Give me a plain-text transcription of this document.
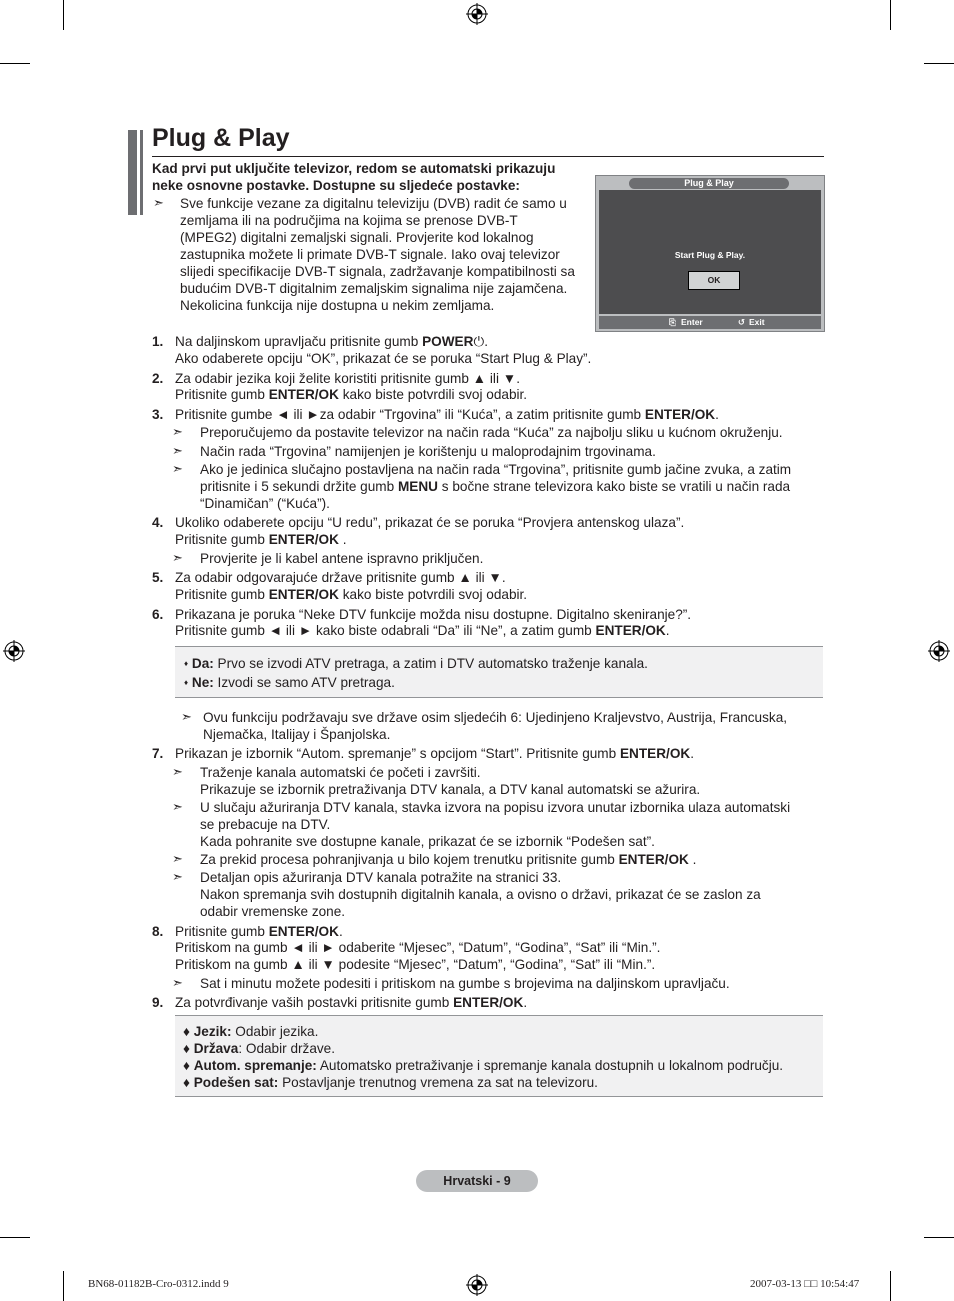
Plug & Play
Kad prvi put uključite televizor, redom se automatski prikazuju neke osnovne postavke. Dostupne su sljedeće postavke:
➣ Sve funkcije vezane za digitalnu televiziju (DVB) radit će samo u zemljama ili na područjima na kojima se prenose DVB-T (MPEG2) digitalni zemaljski signali. Provjerite kod lokalnog zastupnika možete li primate DVB-T signale. Iako ovaj televizor slijedi specifikacije DVB-T signala, zadržavanje kompatibilnosti sa budućim DVB-T digitalnim zemaljskim signalima nije zajamčena. Nekolicina funkcija nije dostupna u nekim zemljama.
Plug & Play
Start Plug & Play.
OK
⎘ Enter	↺ Exit
1. Na daljinskom upravljaču pritisnite gumb POWER⏻.
Ako odaberete opciju “OK”, prikazat će se poruka “Start Plug & Play”.
2. Za odabir jezika koji želite koristiti pritisnite gumb ▲ ili ▼.
Pritisnite gumb ENTER/OK kako biste potvrdili svoj odabir.
3. Pritisnite gumbe ◄ ili ►za odabir “Trgovina” ili “Kuća”, a zatim pritisnite gumb ENTER/OK.
➣ Preporučujemo da postavite televizor na način rada “Kuća” za najbolju sliku u kućnom okruženju.
➣ Način rada “Trgovina” namijenjen je korištenju u maloprodajnim trgovinama.
➣ Ako je jedinica slučajno postavljena na način rada “Trgovina”, pritisnite gumb jačine zvuka, a zatim
pritisnite i 5 sekundi držite gumb MENU s bočne strane televizora kako biste se vratili u način rada
“Dinamičan” (“Kuća”).
4. Ukoliko odaberete opciju “U redu”, prikazat će se poruka “Provjera antenskog ulaza”.
Pritisnite gumb ENTER/OK .
➣ Provjerite je li kabel antene ispravno priključen.
5. Za odabir odgovarajuće države pritisnite gumb ▲ ili ▼.
Pritisnite gumb ENTER/OK kako biste potvrdili svoj odabir.
6. Prikazana je poruka “Neke DTV funkcije možda nisu dostupne. Digitalno skeniranje?”.
Pritisnite gumb ◄ ili ► kako biste odabrali “Da” ili “Ne”, a zatim gumb ENTER/OK.
♦ Da: Prvo se izvodi ATV pretraga, a zatim i DTV automatsko traženje kanala.
♦ Ne: Izvodi se samo ATV pretraga.
➣ Ovu funkciju podržavaju sve države osim sljedećih 6: Ujedinjeno Kraljevstvo, Austrija, Francuska,
Njemačka, Italijay i Španjolska.
7. Prikazan je izbornik “Autom. spremanje” s opcijom “Start”. Pritisnite gumb ENTER/OK.
➣ Traženje kanala automatski će početi i završiti.
Prikazuje se izbornik pretraživanja DTV kanala, a DTV kanal automatski se ažurira.
➣ U slučaju ažuriranja DTV kanala, stavka izvora na popisu izvora unutar izbornika ulaza automatski
se prebacuje na DTV.
Kada pohranite sve dostupne kanale, prikazat će se izbornik “Podešen sat”.
➣ Za prekid procesa pohranjivanja u bilo kojem trenutku pritisnite gumb ENTER/OK .
➣ Detaljan opis ažuriranja DTV kanala potražite na stranici 33.
Nakon spremanja svih dostupnih digitalnih kanala, a ovisno o državi, prikazat će se zaslon za
odabir vremenske zone.
8. Pritisnite gumb ENTER/OK.
Pritiskom na gumb ◄ ili ► odaberite “Mjesec”, “Datum”, “Godina”, “Sat” ili “Min.”.
Pritiskom na gumb ▲ ili ▼ podesite “Mjesec”, “Datum”, “Godina”, “Sat” ili “Min.”.
➣ Sat i minutu možete podesiti i pritiskom na gumbe s brojevima na daljinskom upravljaču.
9. Za potvrđivanje vaših postavki pritisnite gumb ENTER/OK.
♦ Jezik: Odabir jezika.
♦ Država: Odabir države.
♦ Autom. spremanje: Automatsko pretraživanje i spremanje kanala dostupnih u lokalnom području.
♦ Podešen sat: Postavljanje trenutnog vremena za sat na televizoru.
Hrvatski - 9
BN68-01182B-Cro-0312.indd 9	2007-03-13 □□ 10:54:47
